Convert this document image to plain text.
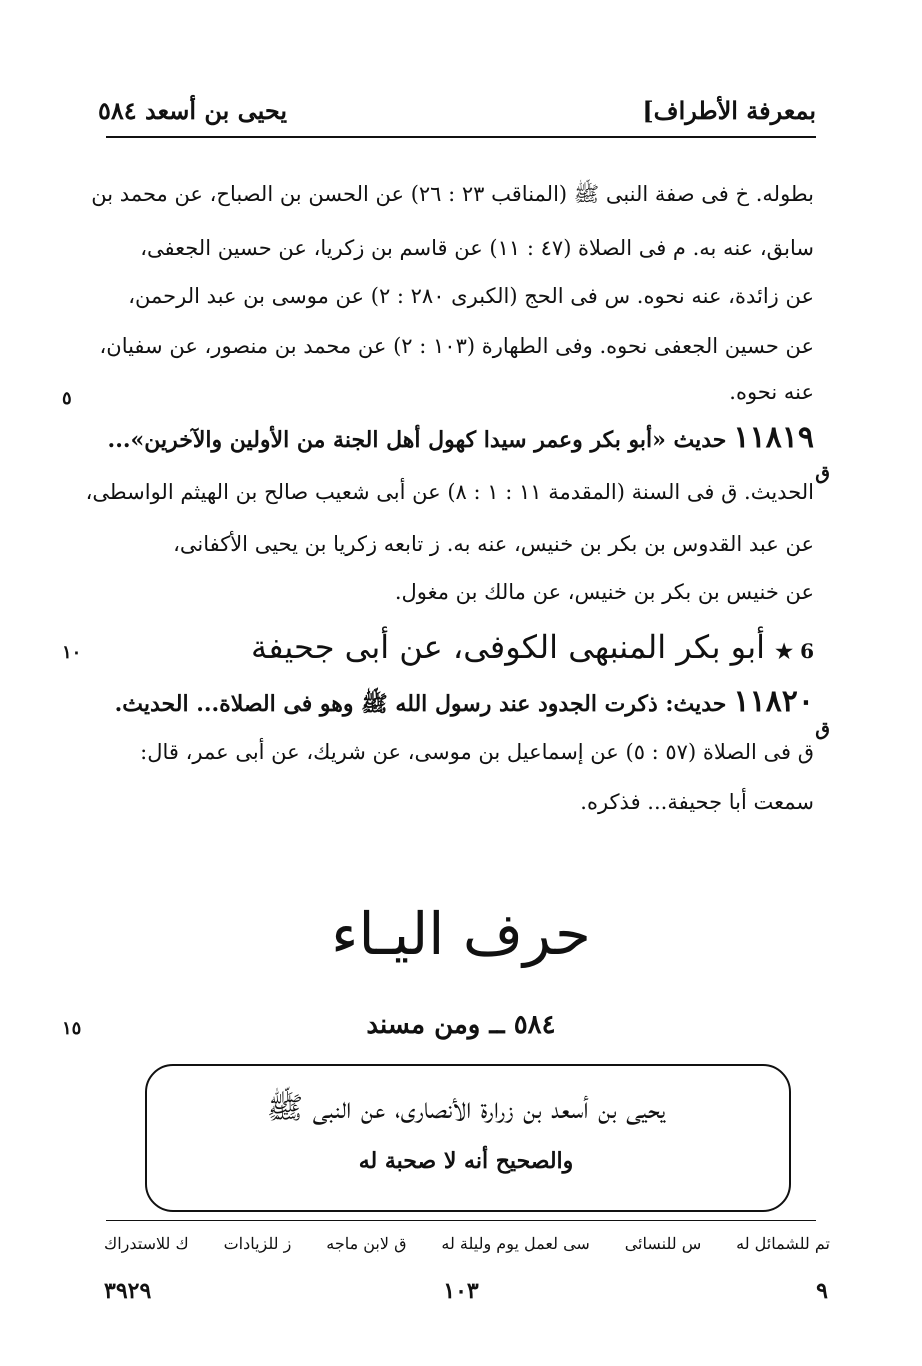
بمعرفة الأطراف]
يحيى بن أسعد ٥٨٤
بطوله. خ فى صفة النبى ﷺ (المناقب ٢٣ : ٢٦) عن الحسن بن الصباح، عن محمد بن
سابق، عنه به. م فى الصلاة (٤٧ : ١١) عن قاسم بن زكريا، عن حسين الجعفى،
عن زائدة، عنه نحوه. س فى الحج (الكبرى ٢٨٠ : ٢) عن موسى بن عبد الرحمن،
عن حسين الجعفى نحوه. وفى الطهارة (١٠٣ : ٢) عن محمد بن منصور، عن سفيان،
عنه نحوه.
٥
١١٨١٩ حديث «أبو بكر وعمر سيدا كهول أهل الجنة من الأولين والآخرين»...
ق
الحديث. ق فى السنة (المقدمة ١١ : ١ : ٨) عن أبى شعيب صالح بن الهيثم الواسطى،
عن عبد القدوس بن بكر بن خنيس، عنه به. ز تابعه زكريا بن يحيى الأكفانى،
عن خنيس بن بكر بن خنيس، عن مالك بن مغول.
6 ★ أبو بكر المنبهى الكوفى، عن أبى جحيفة
١٠
١١٨٢٠ حديث: ذكرت الجدود عند رسول الله ﷺ وهو فى الصلاة... الحديث.
ق
ق فى الصلاة (٥٧ : ٥) عن إسماعيل بن موسى، عن شريك، عن أبى عمر، قال:
سمعت أبا جحيفة... فذكره.
حرف اليـاء
٥٨٤ ــ ومن مسند
١٥
يحيى بن أسعد بن زرارة الأنصارى، عن النبى ﷺ
والصحيح أنه لا صحبة له
تم للشمائل له
س للنسائى
سى لعمل يوم وليلة له
ق لابن ماجه
ز للزيادات
ك للاستدراك
٩
١٠٣
٣٩٢٩
